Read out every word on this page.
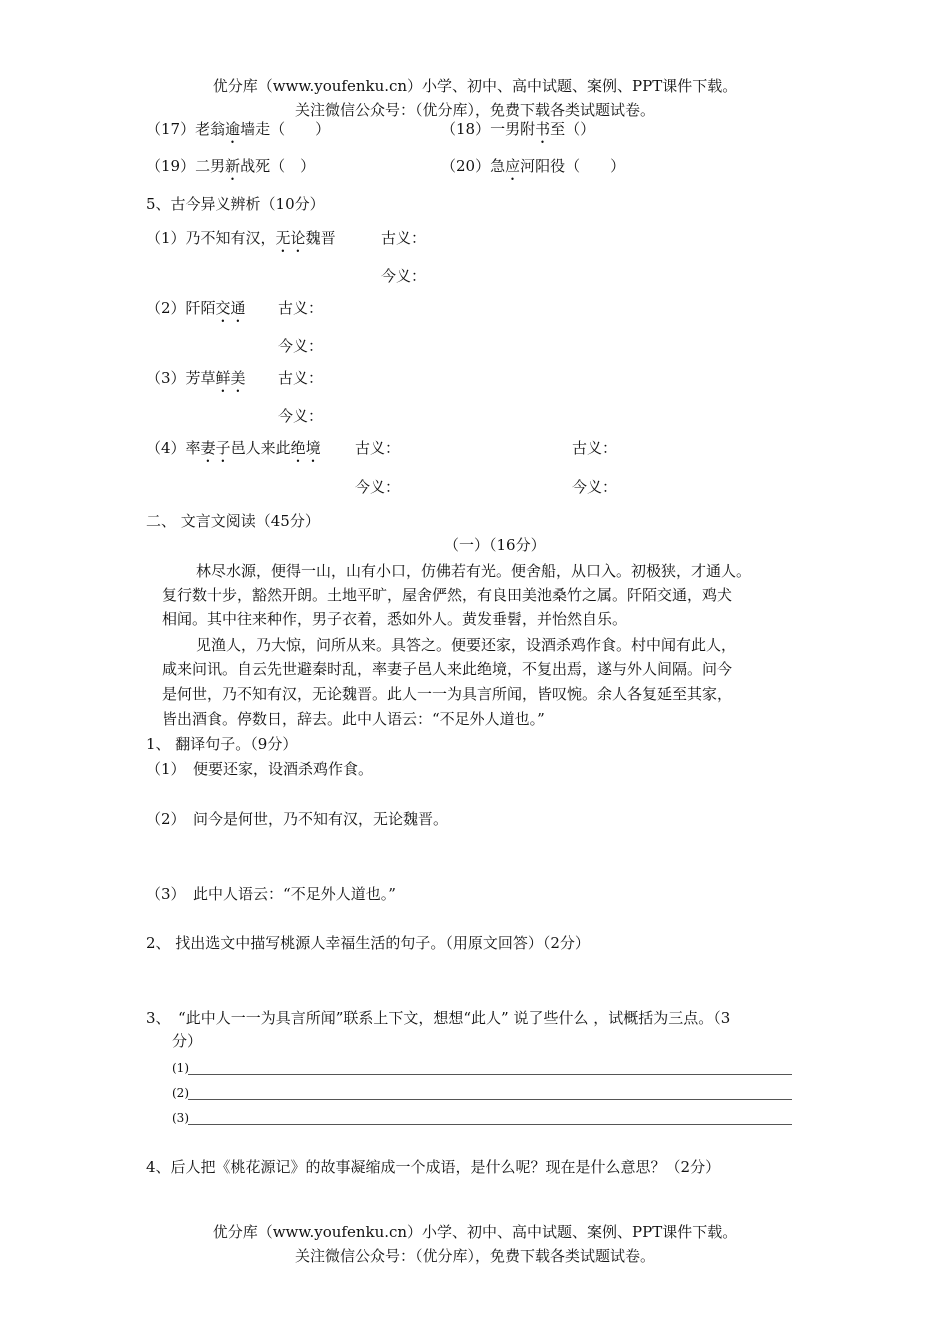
优分库（www.youfenku.cn）小学、初中、高中试题、案例、PPT课件下载。
关注微信公众号：（优分库），免费下载各类试题试卷。
（17）老翁逾墙走（　　）	（18）一男附书至（）
（19）二男新战死（　）	（20）急应河阳役（　　）
5、古今异义辨析（10分）
（1）乃不知有汉，无论魏晋	古义：
今义：
（2）阡陌交通 古义：
今义：
（3）芳草鲜美 古义：
今义：
（4）率妻子邑人来此绝境 古义：	古义：
今义：	今义：
二、 文言文阅读（45分）
（一）（16分）
林尽水源，便得一山，山有小口，仿佛若有光。便舍船，从口入。初极狭，才通人。
复行数十步，豁然开朗。土地平旷，屋舍俨然，有良田美池桑竹之属。阡陌交通，鸡犬
相闻。其中往来种作，男子衣着，悉如外人。黄发垂髫，并怡然自乐。
见渔人，乃大惊，问所从来。具答之。便要还家，设酒杀鸡作食。村中闻有此人，
咸来问讯。自云先世避秦时乱，率妻子邑人来此绝境，不复出焉，遂与外人间隔。问今
是何世，乃不知有汉，无论魏晋。此人一一为具言所闻，皆叹惋。余人各复延至其家，
皆出酒食。停数日，辞去。此中人语云：“不足外人道也。”
1、 翻译句子。（9分）
（1）　便要还家，设酒杀鸡作食。
（2）　问今是何世，乃不知有汉，无论魏晋。
（3）　此中人语云：“不足外人道也。”
2、 找出选文中描写桃源人幸福生活的句子。（用原文回答）（2分）
3、　“此中人一一为具言所闻”联系上下文，想想“此人” 说了些什么 ，试概括为三点。（3
分）
(1)
(2)
(3)
4、后人把《桃花源记》的故事凝缩成一个成语，是什么呢？现在是什么意思？（2分）
优分库（www.youfenku.cn）小学、初中、高中试题、案例、PPT课件下载。
关注微信公众号：（优分库），免费下载各类试题试卷。
